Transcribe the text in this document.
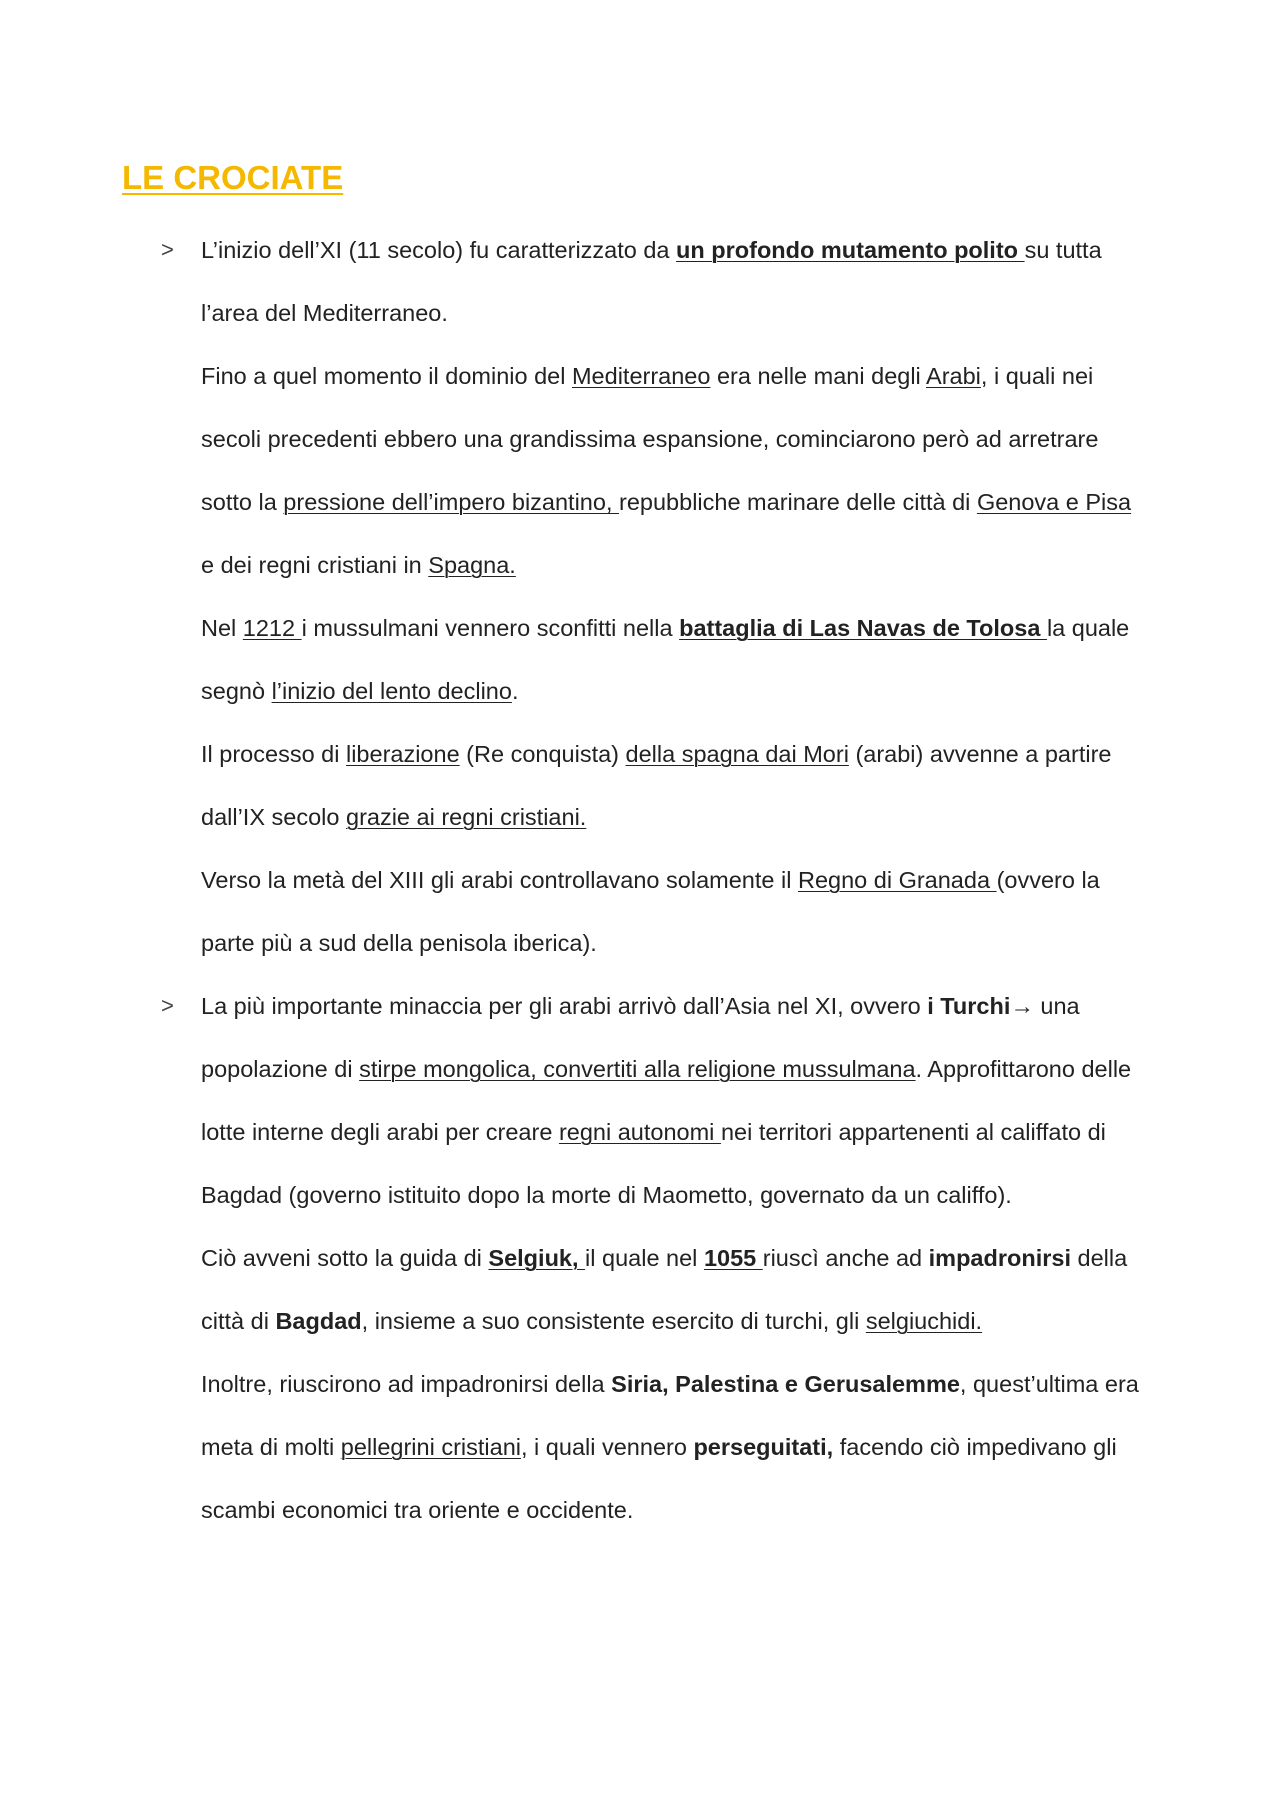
LE CROCIATE
> L’inizio dell’XI (11 secolo) fu caratterizzato da un profondo mutamento polito su tutta

l’area del Mediterraneo.

Fino a quel momento il dominio del Mediterraneo era nelle mani degli Arabi, i quali nei

secoli precedenti ebbero una grandissima espansione, cominciarono però ad arretrare

sotto la pressione dell’impero bizantino, repubbliche marinare delle città di Genova e Pisa

e dei regni cristiani in Spagna.

Nel 1212 i mussulmani vennero sconfitti nella battaglia di Las Navas de Tolosa la quale

segnò l’inizio del lento declino.

Il processo di liberazione (Re conquista) della spagna dai Mori (arabi) avvenne a partire

dall’IX secolo grazie ai regni cristiani.

Verso la metà del XIII gli arabi controllavano solamente il Regno di Granada (ovvero la

parte più a sud della penisola iberica).

> La più importante minaccia per gli arabi arrivò dall’Asia nel XI, ovvero i Turchi→ una

popolazione di stirpe mongolica, convertiti alla religione mussulmana. Approfittarono delle

lotte interne degli arabi per creare regni autonomi nei territori appartenenti al califfato di

Bagdad (governo istituito dopo la morte di Maometto, governato da un califfo).

Ciò avveni sotto la guida di Selgiuk, il quale nel 1055 riuscì anche ad impadronirsi della

città di Bagdad, insieme a suo consistente esercito di turchi, gli selgiuchidi.

Inoltre, riuscirono ad impadronirsi della Siria, Palestina e Gerusalemme, quest’ultima era

meta di molti pellegrini cristiani, i quali vennero perseguitati, facendo ciò impedivano gli

scambi economici tra oriente e occidente.
